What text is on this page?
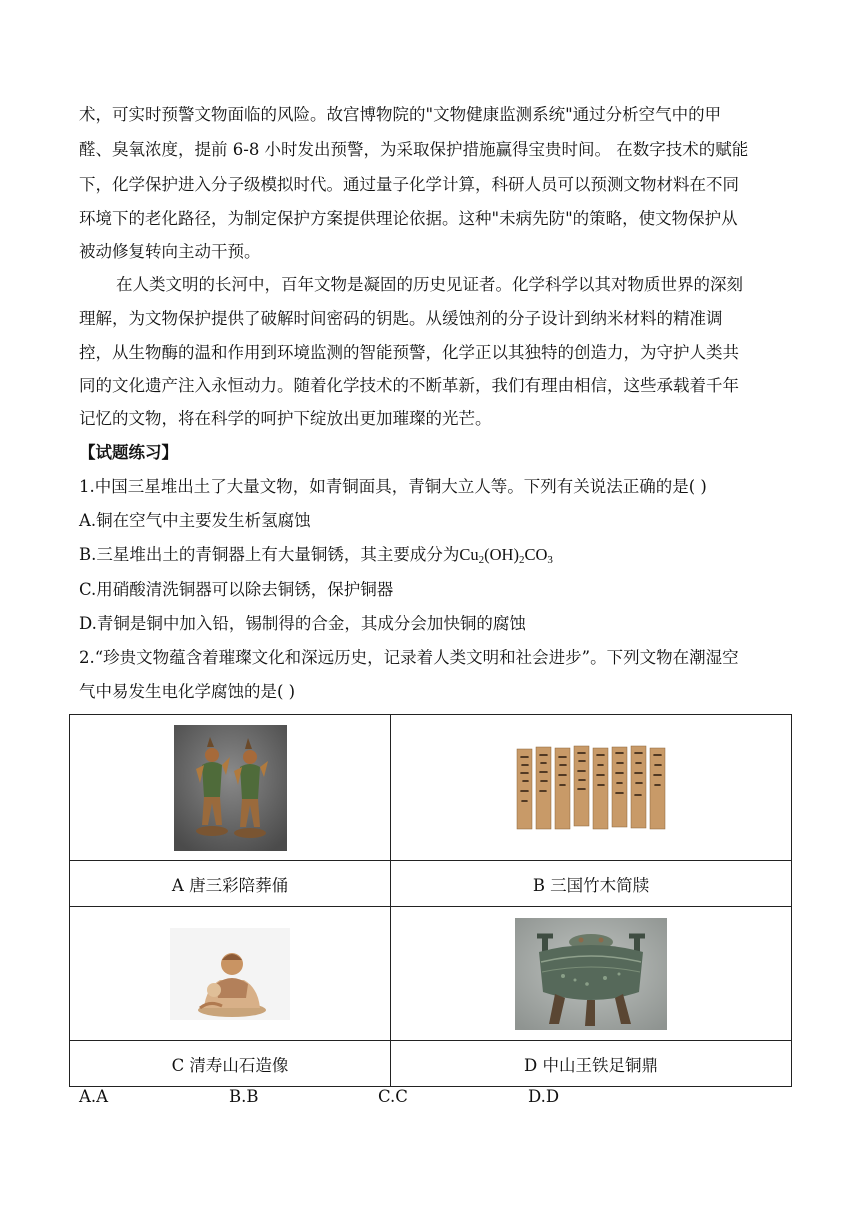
术，可实时预警文物面临的风险。故宫博物院的"文物健康监测系统"通过分析空气中的甲
醛、臭氧浓度，提前 6-8 小时发出预警，为采取保护措施赢得宝贵时间。 在数字技术的赋能
下，化学保护进入分子级模拟时代。通过量子化学计算，科研人员可以预测文物材料在不同
环境下的老化路径，为制定保护方案提供理论依据。这种"未病先防"的策略，使文物保护从
被动修复转向主动干预。
在人类文明的长河中，百年文物是凝固的历史见证者。化学科学以其对物质世界的深刻
理解，为文物保护提供了破解时间密码的钥匙。从缓蚀剂的分子设计到纳米材料的精准调
控，从生物酶的温和作用到环境监测的智能预警，化学正以其独特的创造力，为守护人类共
同的文化遗产注入永恒动力。随着化学技术的不断革新，我们有理由相信，这些承载着千年
记忆的文物，将在科学的呵护下绽放出更加璀璨的光芒。
【试题练习】
1.中国三星堆出土了大量文物，如青铜面具，青铜大立人等。下列有关说法正确的是( )
A.铜在空气中主要发生析氢腐蚀
B.三星堆出土的青铜器上有大量铜锈，其主要成分为$Cu_2(OH)_2CO_3$
C.用硝酸清洗铜器可以除去铜锈，保护铜器
D.青铜是铜中加入铅，锡制得的合金，其成分会加快铜的腐蚀
2.“珍贵文物蕴含着璀璨文化和深远历史，记录着人类文明和社会进步”。下列文物在潮湿空
气中易发生电化学腐蚀的是( )

A 唐三彩陪葬俑	B 三国竹木简牍

C 清寿山石造像	D 中山王铁足铜鼎
A.A	B.B	C.C	D.D
